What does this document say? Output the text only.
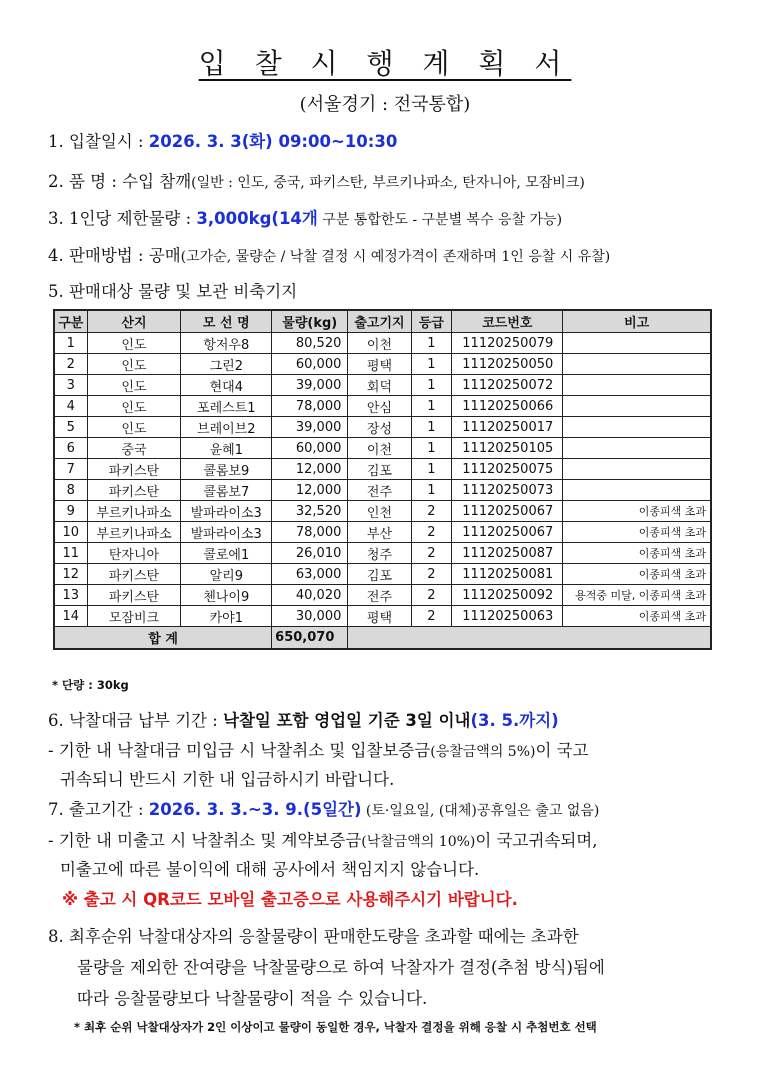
입 찰 시 행 계 획 서
(서울경기 : 전국통합)
1. 입찰일시 : 2026. 3. 3(화) 09:00~10:30
2. 품 명 : 수입 참깨(일반 : 인도, 중국, 파키스탄, 부르키나파소, 탄자니아, 모잠비크)
3. 1인당 제한물량 : 3,000kg(14개 구분 통합한도 - 구분별 복수 응찰 가능)
4. 판매방법 : 공매(고가순, 물량순 / 낙찰 결정 시 예정가격이 존재하며 1인 응찰 시 유찰)
5. 판매대상 물량 및 보관 비축기지
구분	산지	모 선 명	물량(kg)	출고기지	등급	코드번호	비고
1	인도	항저우8	80,520	이천	1	11120250079	
2	인도	그린2	60,000	평택	1	11120250050	
3	인도	현대4	39,000	회덕	1	11120250072	
4	인도	포레스트1	78,000	안심	1	11120250066	
5	인도	브레이브2	39,000	장성	1	11120250017	
6	중국	윤혜1	60,000	이천	1	11120250105	
7	파키스탄	콜롬보9	12,000	김포	1	11120250075	
8	파키스탄	콜롬보7	12,000	전주	1	11120250073	
9	부르키나파소	발파라이소3	32,520	인천	2	11120250067	이종피색 초과
10	부르키나파소	발파라이소3	78,000	부산	2	11120250067	이종피색 초과
11	탄자니아	콜로에1	26,010	청주	2	11120250087	이종피색 초과
12	파키스탄	알리9	63,000	김포	2	11120250081	이종피색 초과
13	파키스탄	첸나이9	40,020	전주	2	11120250092	용적중 미달, 이종피색 초과
14	모잠비크	카야1	30,000	평택	2	11120250063	이종피색 초과
합 계			650,070				
* 단량 : 30kg
6. 낙찰대금 납부 기간 : 낙찰일 포함 영업일 기준 3일 이내(3. 5.까지)
- 기한 내 낙찰대금 미입금 시 낙찰취소 및 입찰보증금(응찰금액의 5%)이 국고
귀속되니 반드시 기한 내 입금하시기 바랍니다.
7. 출고기간 : 2026. 3. 3.~3. 9.(5일간) (토·일요일, (대체)공휴일은 출고 없음)
- 기한 내 미출고 시 낙찰취소 및 계약보증금(낙찰금액의 10%)이 국고귀속되며,
미출고에 따른 불이익에 대해 공사에서 책임지지 않습니다.
※ 출고 시 QR코드 모바일 출고증으로 사용해주시기 바랍니다.
8. 최후순위 낙찰대상자의 응찰물량이 판매한도량을 초과할 때에는 초과한
물량을 제외한 잔여량을 낙찰물량으로 하여 낙찰자가 결정(추첨 방식)됨에
따라 응찰물량보다 낙찰물량이 적을 수 있습니다.
* 최후 순위 낙찰대상자가 2인 이상이고 물량이 동일한 경우, 낙찰자 결정을 위해 응찰 시 추첨번호 선택
